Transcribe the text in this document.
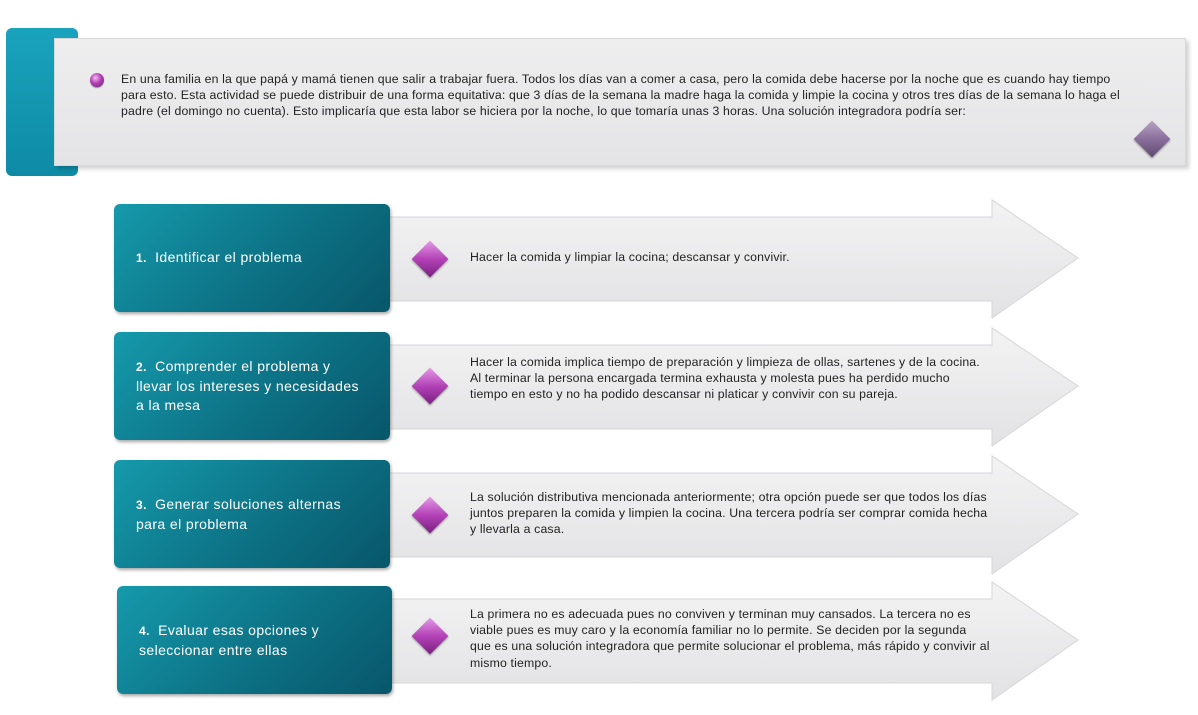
En una familia en la que papá y mamá tienen que salir a trabajar fuera. Todos los días van a comer a casa, pero la comida debe hacerse por la noche que es cuando hay tiempo para esto. Esta actividad se puede distribuir de una forma equitativa: que 3 días de la semana la madre haga la comida y limpie la cocina y otros tres días de la semana lo haga el padre (el domingo no cuenta). Esto implicaría que esta labor se hiciera por la noche, lo que tomaría unas 3 horas. Una solución integradora podría ser:

1. Identificar el problema	Hacer la comida y limpiar la cocina; descansar y convivir.

2. Comprender el problema y llevar los intereses y necesidades a la mesa

Hacer la comida implica tiempo de preparación y limpieza de ollas, sartenes y de la cocina. Al terminar la persona encargada termina exhausta y molesta pues ha perdido mucho tiempo en esto y no ha podido descansar ni platicar y convivir con su pareja.

3. Generar soluciones alternas para el problema

La solución distributiva mencionada anteriormente; otra opción puede ser que todos los días juntos preparen la comida y limpien la cocina. Una tercera podría ser comprar comida hecha y llevarla a casa.

4. Evaluar esas opciones y seleccionar entre ellas

La primera no es adecuada pues no conviven y terminan muy cansados. La tercera no es viable pues es muy caro y la economía familiar no lo permite. Se deciden por la segunda que es una solución integradora que permite solucionar el problema, más rápido y convivir al mismo tiempo.
